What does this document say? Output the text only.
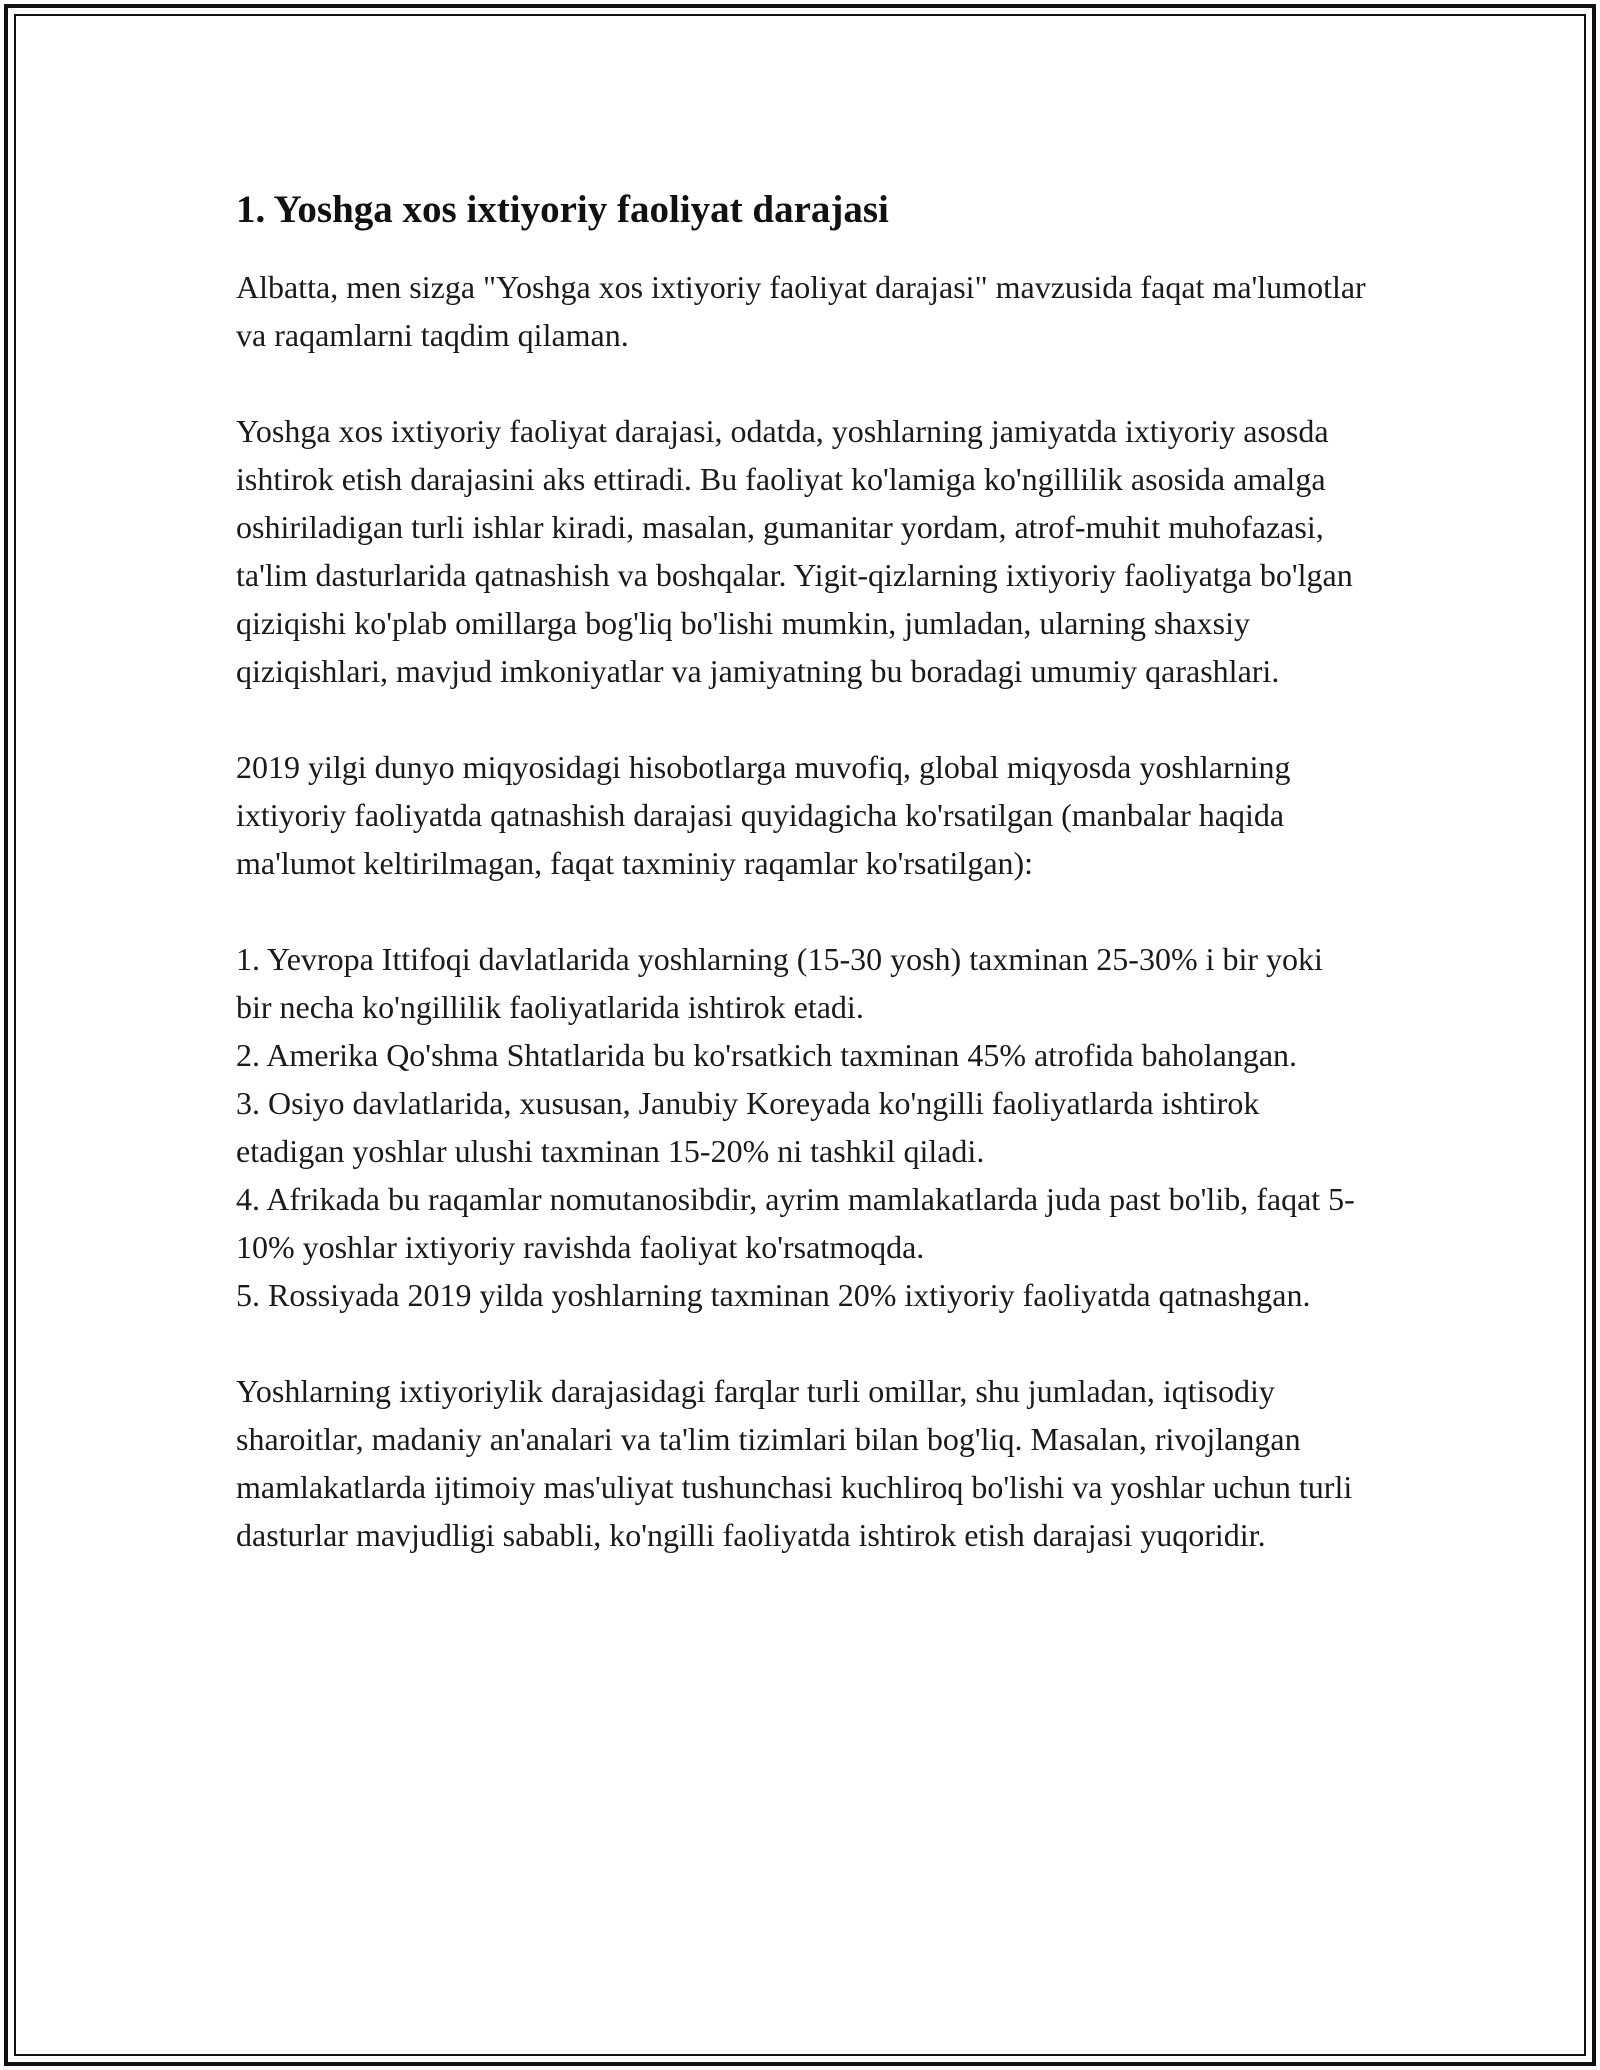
1. Yoshga xos ixtiyoriy faoliyat darajasi

Albatta, men sizga "Yoshga xos ixtiyoriy faoliyat darajasi" mavzusida faqat ma'lumotlar va raqamlarni taqdim qilaman.

Yoshga xos ixtiyoriy faoliyat darajasi, odatda, yoshlarning jamiyatda ixtiyoriy asosda ishtirok etish darajasini aks ettiradi. Bu faoliyat ko'lamiga ko'ngillilik asosida amalga oshiriladigan turli ishlar kiradi, masalan, gumanitar yordam, atrof-muhit muhofazasi, ta'lim dasturlarida qatnashish va boshqalar. Yigit-qizlarning ixtiyoriy faoliyatga bo'lgan qiziqishi ko'plab omillarga bog'liq bo'lishi mumkin, jumladan, ularning shaxsiy qiziqishlari, mavjud imkoniyatlar va jamiyatning bu boradagi umumiy qarashlari.

2019 yilgi dunyo miqyosidagi hisobotlarga muvofiq, global miqyosda yoshlarning ixtiyoriy faoliyatda qatnashish darajasi quyidagicha ko'rsatilgan (manbalar haqida ma'lumot keltirilmagan, faqat taxminiy raqamlar ko'rsatilgan):

1. Yevropa Ittifoqi davlatlarida yoshlarning (15-30 yosh) taxminan 25-30% i bir yoki bir necha ko'ngillilik faoliyatlarida ishtirok etadi.
2. Amerika Qo'shma Shtatlarida bu ko'rsatkich taxminan 45% atrofida baholangan.
3. Osiyo davlatlarida, xususan, Janubiy Koreyada ko'ngilli faoliyatlarda ishtirok etadigan yoshlar ulushi taxminan 15-20% ni tashkil qiladi.
4. Afrikada bu raqamlar nomutanosibdir, ayrim mamlakatlarda juda past bo'lib, faqat 5-10% yoshlar ixtiyoriy ravishda faoliyat ko'rsatmoqda.
5. Rossiyada 2019 yilda yoshlarning taxminan 20% ixtiyoriy faoliyatda qatnashgan.

Yoshlarning ixtiyoriylik darajasidagi farqlar turli omillar, shu jumladan, iqtisodiy sharoitlar, madaniy an'analari va ta'lim tizimlari bilan bog'liq. Masalan, rivojlangan mamlakatlarda ijtimoiy mas'uliyat tushunchasi kuchliroq bo'lishi va yoshlar uchun turli dasturlar mavjudligi sababli, ko'ngilli faoliyatda ishtirok etish darajasi yuqoridir.
